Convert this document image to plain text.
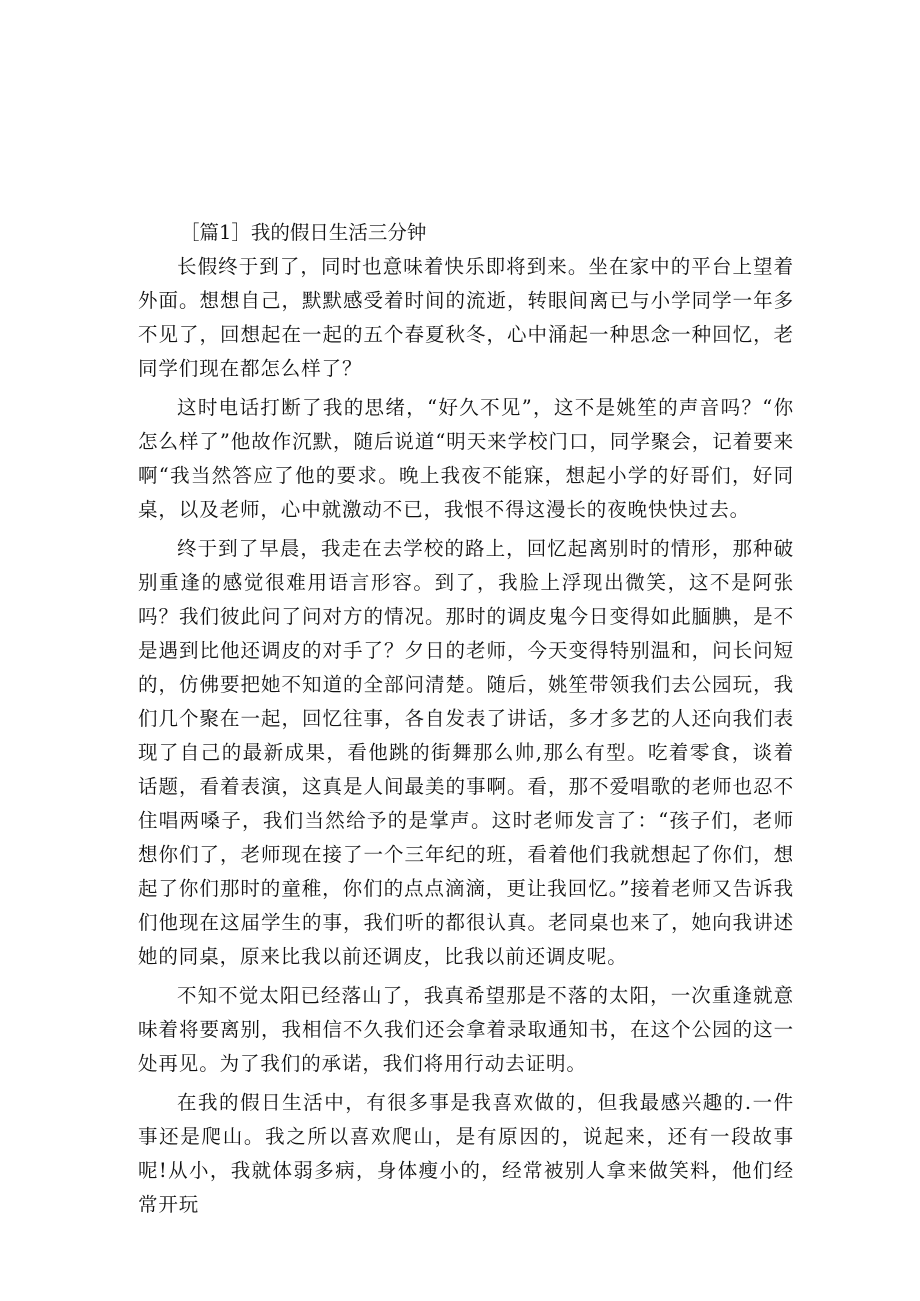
［篇1］我的假日生活三分钟

长假终于到了，同时也意味着快乐即将到来。坐在家中的平台上望着外面。想想自己，默默感受着时间的流逝，转眼间离已与小学同学一年多不见了，回想起在一起的五个春夏秋冬，心中涌起一种思念一种回忆，老同学们现在都怎么样了？

这时电话打断了我的思绪，“好久不见”，这不是姚笙的声音吗？“你怎么样了”他故作沉默，随后说道“明天来学校门口，同学聚会，记着要来啊“我当然答应了他的要求。晚上我夜不能寐，想起小学的好哥们，好同桌，以及老师，心中就激动不已，我恨不得这漫长的夜晚快快过去。

终于到了早晨，我走在去学校的路上，回忆起离别时的情形，那种破别重逢的感觉很难用语言形容。到了，我脸上浮现出微笑，这不是阿张吗？我们彼此问了问对方的情况。那时的调皮鬼今日变得如此腼腆，是不是遇到比他还调皮的对手了？夕日的老师，今天变得特别温和，问长问短的，仿佛要把她不知道的全部问清楚。随后，姚笙带领我们去公园玩，我们几个聚在一起，回忆往事，各自发表了讲话，多才多艺的人还向我们表现了自己的最新成果，看他跳的街舞那么帅,那么有型。吃着零食，谈着话题，看着表演，这真是人间最美的事啊。看，那不爱唱歌的老师也忍不住唱两嗓子，我们当然给予的是掌声。这时老师发言了：“孩子们，老师想你们了，老师现在接了一个三年纪的班，看着他们我就想起了你们，想起了你们那时的童稚，你们的点点滴滴，更让我回忆。”接着老师又告诉我们他现在这届学生的事，我们听的都很认真。老同桌也来了，她向我讲述她的同桌，原来比我以前还调皮，比我以前还调皮呢。

不知不觉太阳已经落山了，我真希望那是不落的太阳，一次重逢就意味着将要离别，我相信不久我们还会拿着录取通知书，在这个公园的这一处再见。为了我们的承诺，我们将用行动去证明。

在我的假日生活中，有很多事是我喜欢做的，但我最感兴趣的.一件事还是爬山。我之所以喜欢爬山，是有原因的，说起来，还有一段故事呢!从小，我就体弱多病，身体瘦小的，经常被别人拿来做笑料，他们经常开玩
